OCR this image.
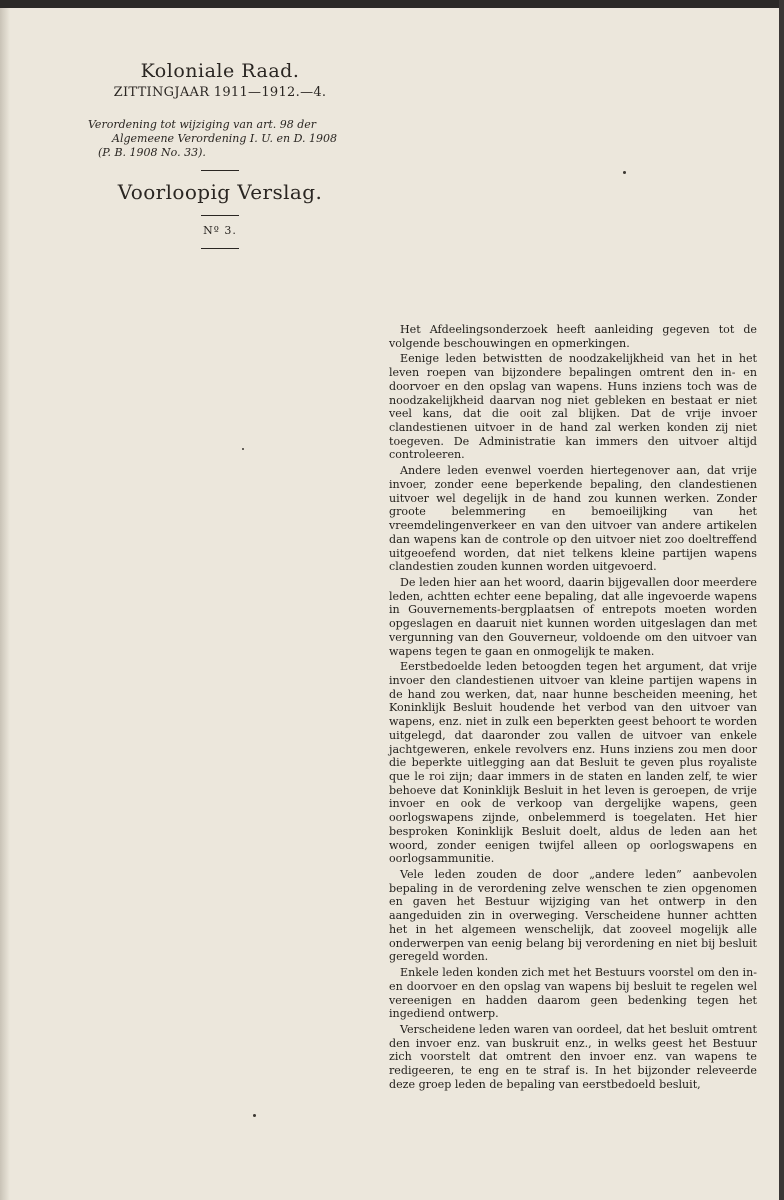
Koloniale Raad.
ZITTINGJAAR 1911—1912.—4.
Verordening tot wijziging van art. 98 der
Algemeene Verordening I. U. en D. 1908
(P. B. 1908 No. 33).
Voorloopig Verslag.
Nº 3.

Het Afdeelingsonderzoek heeft aanleiding gegeven tot de volgende beschouwingen en opmerkingen.

Eenige leden betwistten de noodzakelijkheid van het in het leven roepen van bijzondere bepalingen omtrent den in- en doorvoer en den opslag van wapens. Huns inziens toch was de noodzakelijkheid daarvan nog niet gebleken en bestaat er niet veel kans, dat die ooit zal blijken. Dat de vrije invoer clandestienen uitvoer in de hand zal werken konden zij niet toegeven. De Administratie kan immers den uitvoer altijd controleeren.

Andere leden evenwel voerden hiertegenover aan, dat vrije invoer, zonder eene beperkende bepaling, den clandestienen uitvoer wel degelijk in de hand zou kunnen werken. Zonder groote belemmering en bemoeilijking van het vreemdelingenverkeer en van den uitvoer van andere artikelen dan wapens kan de controle op den uitvoer niet zoo doeltreffend uitgeoefend worden, dat niet telkens kleine partijen wapens clandestien zouden kunnen worden uitgevoerd.

De leden hier aan het woord, daarin bijgevallen door meerdere leden, achtten echter eene bepaling, dat alle ingevoerde wapens in Gouvernements-bergplaatsen of entrepots moeten worden opgeslagen en daaruit niet kunnen worden uitgeslagen dan met vergunning van den Gouverneur, voldoende om den uitvoer van wapens tegen te gaan en onmogelijk te maken.

Eerstbedoelde leden betoogden tegen het argument, dat vrije invoer den clandestienen uitvoer van kleine partijen wapens in de hand zou werken, dat, naar hunne bescheiden meening, het Koninklijk Besluit houdende het verbod van den uitvoer van wapens, enz. niet in zulk een beperkten geest behoort te worden uitgelegd, dat daaronder zou vallen de uitvoer van enkele jachtgeweren, enkele revolvers enz. Huns inziens zou men door die beperkte uitlegging aan dat Besluit te geven plus royaliste que le roi zijn; daar immers in de staten en landen zelf, te wier behoeve dat Koninklijk Besluit in het leven is geroepen, de vrije invoer en ook de verkoop van dergelijke wapens, geen oorlogswapens zijnde, onbelemmerd is toegelaten. Het hier besproken Koninklijk Besluit doelt, aldus de leden aan het woord, zonder eenigen twijfel alleen op oorlogswapens en oorlogsammunitie.

Vele leden zouden de door „andere leden” aanbevolen bepaling in de verordening zelve wenschen te zien opgenomen en gaven het Bestuur wijziging van het ontwerp in den aangeduiden zin in overweging. Verscheidene hunner achtten het in het algemeen wenschelijk, dat zooveel mogelijk alle onderwerpen van eenig belang bij verordening en niet bij besluit geregeld worden.

Enkele leden konden zich met het Bestuurs voorstel om den in- en doorvoer en den opslag van wapens bij besluit te regelen wel vereenigen en hadden daarom geen bedenking tegen het ingediend ontwerp.

Verscheidene leden waren van oordeel, dat het besluit omtrent den invoer enz. van buskruit enz., in welks geest het Bestuur zich voorstelt dat omtrent den invoer enz. van wapens te redigeeren, te eng en te straf is. In het bijzonder releveerde deze groep leden de bepaling van eerstbedoeld besluit,
